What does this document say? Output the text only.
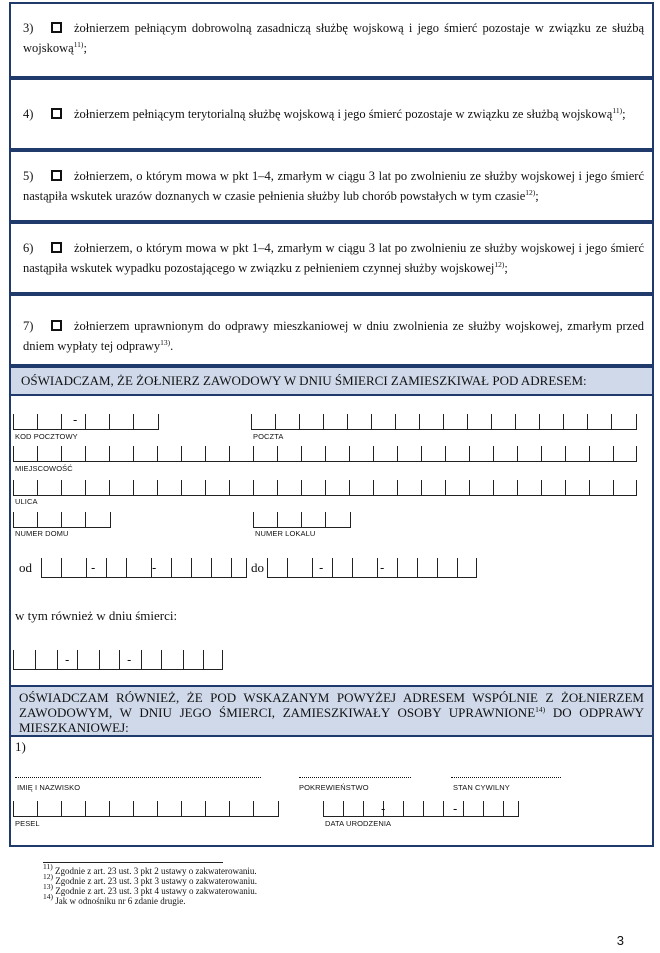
3)	żołnierzem pełniącym dobrowolną zasadniczą służbę wojskową i jego śmierć pozostaje w związku ze służbą wojskową$^{11)}$;
4)	żołnierzem pełniącym terytorialną służbę wojskową i jego śmierć pozostaje w związku ze służbą wojskową$^{11)}$;
5)	żołnierzem, o którym mowa w pkt 1–4, zmarłym w ciągu 3 lat po zwolnieniu ze służby wojskowej i jego śmierć nastąpiła wskutek urazów doznanych w czasie pełnienia służby lub chorób powstałych w tym czasie$^{12)}$;
6)	żołnierzem, o którym mowa w pkt 1–4, zmarłym w ciągu 3 lat po zwolnieniu ze służby wojskowej i jego śmierć nastąpiła wskutek wypadku pozostającego w związku z pełnieniem czynnej służby wojskowej$^{12)}$;
7)	żołnierzem uprawnionym do odprawy mieszkaniowej w dniu zwolnienia ze służby wojskowej, zmarłym przed dniem wypłaty tej odprawy$^{13)}$.
OŚWIADCZAM, ŻE ŻOŁNIERZ ZAWODOWY W DNIU ŚMIERCI ZAMIESZKIWAŁ POD ADRESEM:
-
KOD POCZTOWY	POCZTA
MIEJSCOWOŚĆ
ULICA
NUMER DOMU	NUMER LOKALU
od	-	-	do	-	-
w tym również w dniu śmierci:
-	-
OŚWIADCZAM RÓWNIEŻ, ŻE POD WSKAZANYM POWYŻEJ ADRESEM WSPÓLNIE Z ŻOŁNIERZEM ZAWODOWYM, W DNIU JEGO ŚMIERCI, ZAMIESZKIWAŁY OSOBY UPRAWNIONE$^{14)}$ DO ODPRAWY MIESZKANIOWEJ:
1)
IMIĘ I NAZWISKO	POKREWIEŃSTWO	STAN CYWILNY
PESEL
-	-
DATA URODZENIA
$^{11)}$ Zgodnie z art. 23 ust. 3 pkt 2 ustawy o zakwaterowaniu.
$^{12)}$ Zgodnie z art. 23 ust. 3 pkt 3 ustawy o zakwaterowaniu.
$^{13)}$ Zgodnie z art. 23 ust. 3 pkt 4 ustawy o zakwaterowaniu.
$^{14)}$ Jak w odnośniku nr 6 zdanie drugie.
3
